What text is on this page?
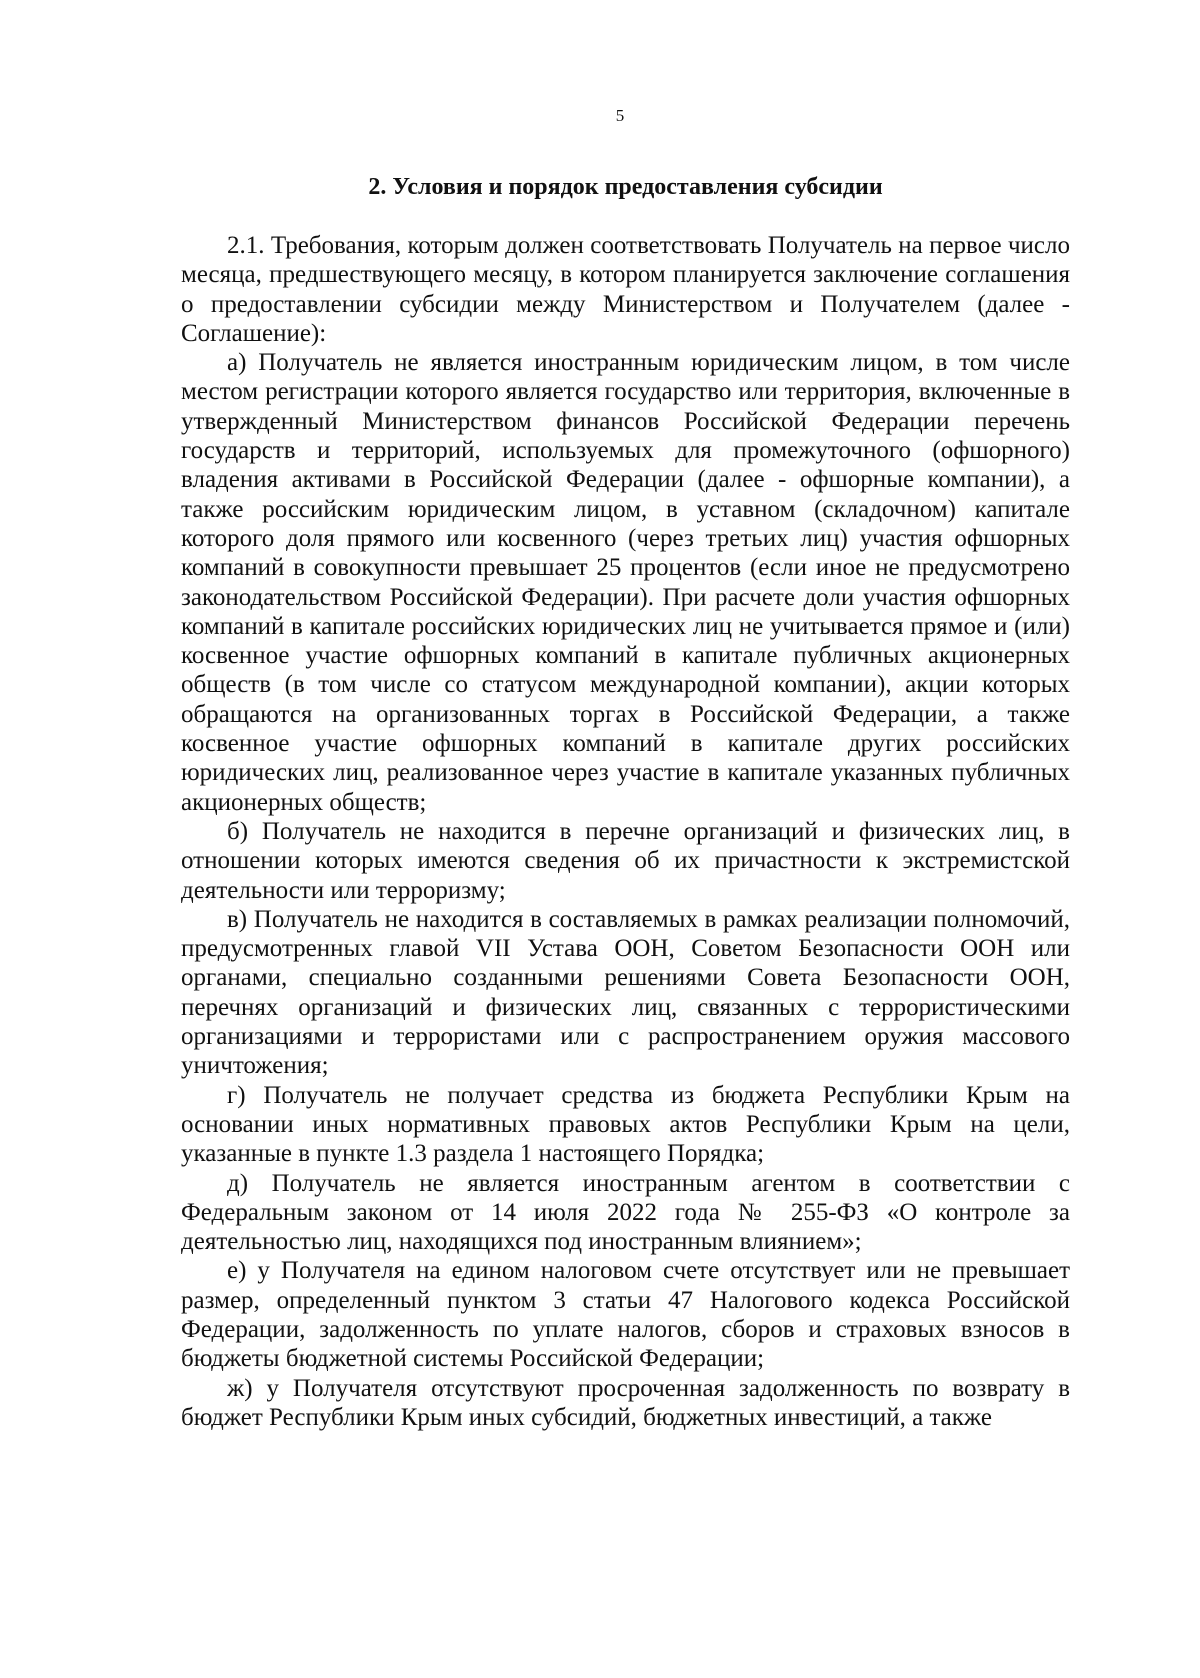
5
2. Условия и порядок предоставления субсидии

2.1. Требования, которым должен соответствовать Получатель на первое число месяца, предшествующего месяцу, в котором планируется заключение соглашения о предоставлении субсидии между Министерством и Получателем (далее - Соглашение):

а) Получатель не является иностранным юридическим лицом, в том числе местом регистрации которого является государство или территория, включенные в утвержденный Министерством финансов Российской Федерации перечень государств и территорий, используемых для промежуточного (офшорного) владения активами в Российской Федерации (далее - офшорные компании), а также российским юридическим лицом, в уставном (складочном) капитале которого доля прямого или косвенного (через третьих лиц) участия офшорных компаний в совокупности превышает 25 процентов (если иное не предусмотрено законодательством Российской Федерации). При расчете доли участия офшорных компаний в капитале российских юридических лиц не учитывается прямое и (или) косвенное участие офшорных компаний в капитале публичных акционерных обществ (в том числе со статусом международной компании), акции которых обращаются на организованных торгах в Российской Федерации, а также косвенное участие офшорных компаний в капитале других российских юридических лиц, реализованное через участие в капитале указанных публичных акционерных обществ;

б) Получатель не находится в перечне организаций и физических лиц, в отношении которых имеются сведения об их причастности к экстремистской деятельности или терроризму;

в) Получатель не находится в составляемых в рамках реализации полномочий, предусмотренных главой VII Устава ООН, Советом Безопасности ООН или органами, специально созданными решениями Совета Безопасности ООН, перечнях организаций и физических лиц, связанных с террористическими организациями и террористами или с распространением оружия массового уничтожения;

г) Получатель не получает средства из бюджета Республики Крым на основании иных нормативных правовых актов Республики Крым на цели, указанные в пункте 1.3 раздела 1 настоящего Порядка;

д) Получатель не является иностранным агентом в соответствии с Федеральным законом от 14 июля 2022 года № 255-ФЗ «О контроле за деятельностью лиц, находящихся под иностранным влиянием»;

е) у Получателя на едином налоговом счете отсутствует или не превышает размер, определенный пунктом 3 статьи 47 Налогового кодекса Российской Федерации, задолженность по уплате налогов, сборов и страховых взносов в бюджеты бюджетной системы Российской Федерации;

ж) у Получателя отсутствуют просроченная задолженность по возврату в бюджет Республики Крым иных субсидий, бюджетных инвестиций, а также
